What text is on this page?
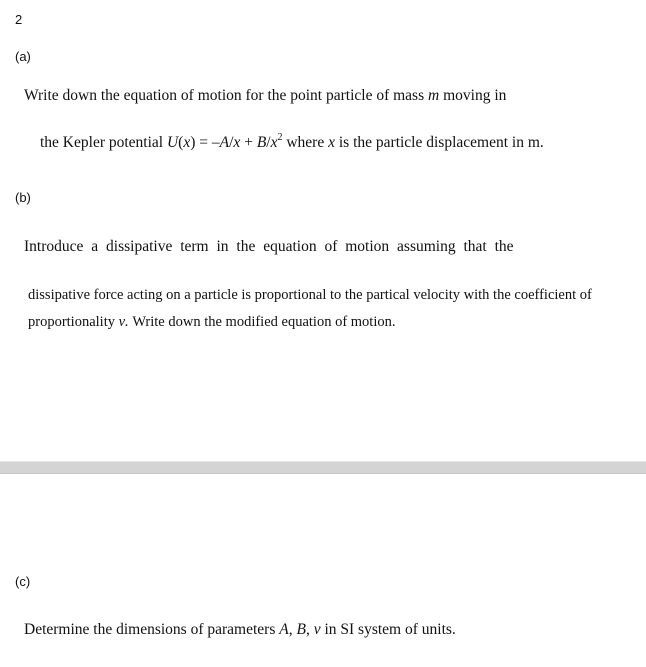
2
(a)
Write down the equation of motion for the point particle of mass m moving in
the Kepler potential $U(x) = -A/x + B/x^2$ where x is the particle displacement in m.
(b)
Introduce a dissipative term in the equation of motion assuming that the
dissipative force acting on a particle is proportional to the partical velocity with the coefficient of
proportionality ν. Write down the modified equation of motion.
(c)
Determine the dimensions of parameters A, B, ν in SI system of units.
